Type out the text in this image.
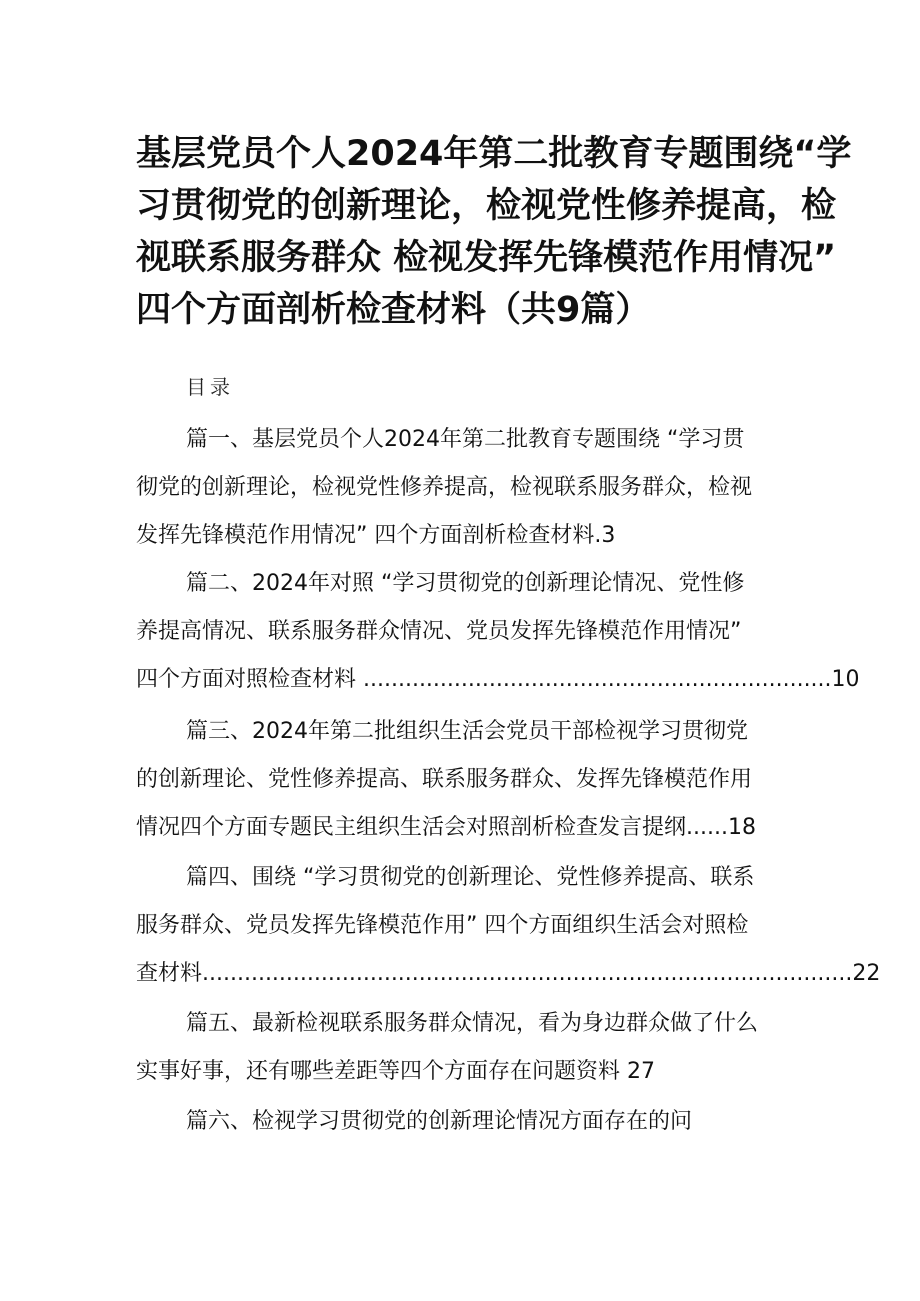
基层党员个人2024年第二批教育专题围绕“学
习贯彻党的创新理论，检视党性修养提高，检
视联系服务群众 检视发挥先锋模范作用情况”
四个方面剖析检查材料（共9篇）
目录
篇一、基层党员个人2024年第二批教育专题围绕 “学习贯
彻党的创新理论，检视党性修养提高，检视联系服务群众，检视
发挥先锋模范作用情况” 四个方面剖析检查材料.3
篇二、2024年对照 “学习贯彻党的创新理论情况、党性修
养提高情况、联系服务群众情况、党员发挥先锋模范作用情况”
四个方面对照检查材料 ...................................................................10
篇三、2024年第二批组织生活会党员干部检视学习贯彻党
的创新理论、党性修养提高、联系服务群众、发挥先锋模范作用
情况四个方面专题民主组织生活会对照剖析检查发言提纲......18
篇四、围绕 “学习贯彻党的创新理论、党性修养提高、联系
服务群众、党员发挥先锋模范作用” 四个方面组织生活会对照检
查材料.............................................................................................22
篇五、最新检视联系服务群众情况，看为身边群众做了什么
实事好事，还有哪些差距等四个方面存在问题资料 27
篇六、检视学习贯彻党的创新理论情况方面存在的问
